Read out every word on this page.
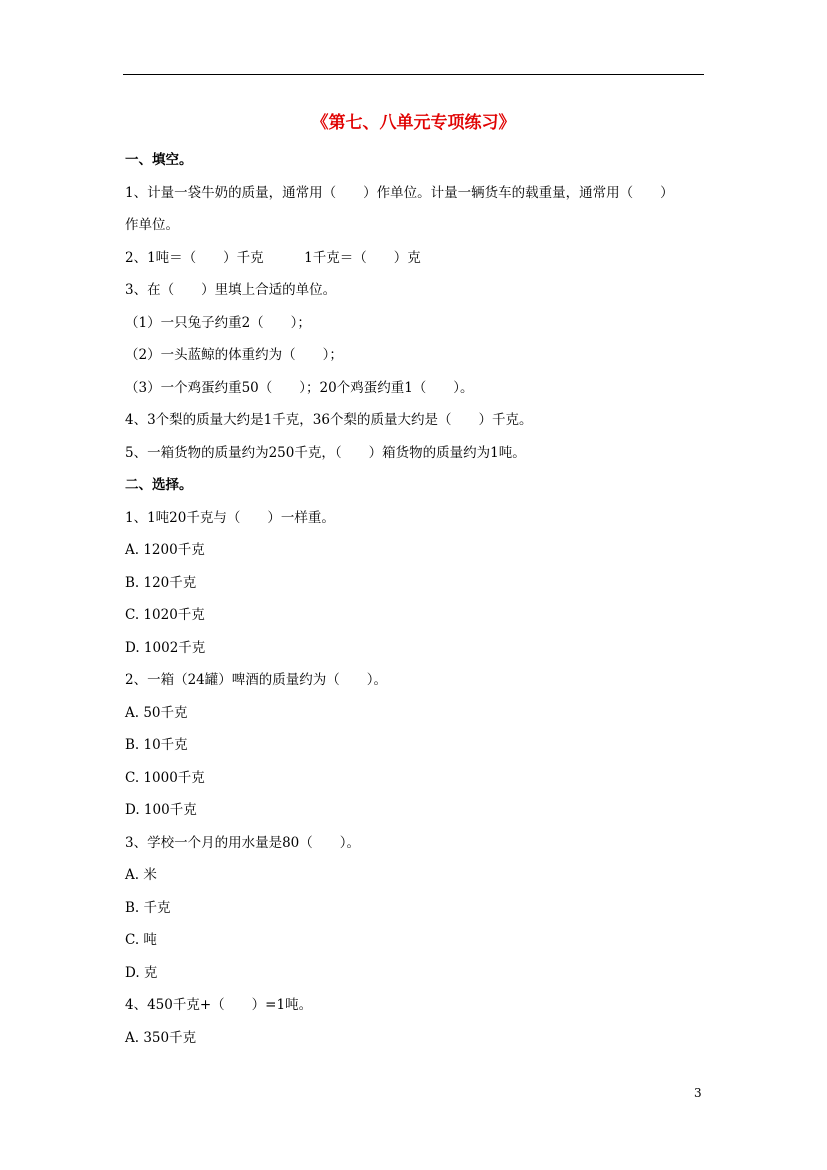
《第七、八单元专项练习》
一、填空。
1、计量一袋牛奶的质量，通常用（　　）作单位。计量一辆货车的载重量，通常用（　　）
作单位。
2、1吨＝（　　）千克　　　1千克＝（　　）克
3、在（　　）里填上合适的单位。
（1）一只兔子约重2（　　）；
（2）一头蓝鲸的体重约为（　　）；
（3）一个鸡蛋约重50（　　）；20个鸡蛋约重1（　　）。
4、3个梨的质量大约是1千克，36个梨的质量大约是（　　）千克。
5、一箱货物的质量约为250千克，（　　）箱货物的质量约为1吨。
二、选择。
1、1吨20千克与（　　）一样重。
A. 1200千克
B. 120千克
C. 1020千克
D. 1002千克
2、一箱（24罐）啤酒的质量约为（　　）。
A. 50千克
B. 10千克
C. 1000千克
D. 100千克
3、学校一个月的用水量是80（　　）。
A. 米
B. 千克
C. 吨
D. 克
4、450千克+（　　）=1吨。
A. 350千克
3
